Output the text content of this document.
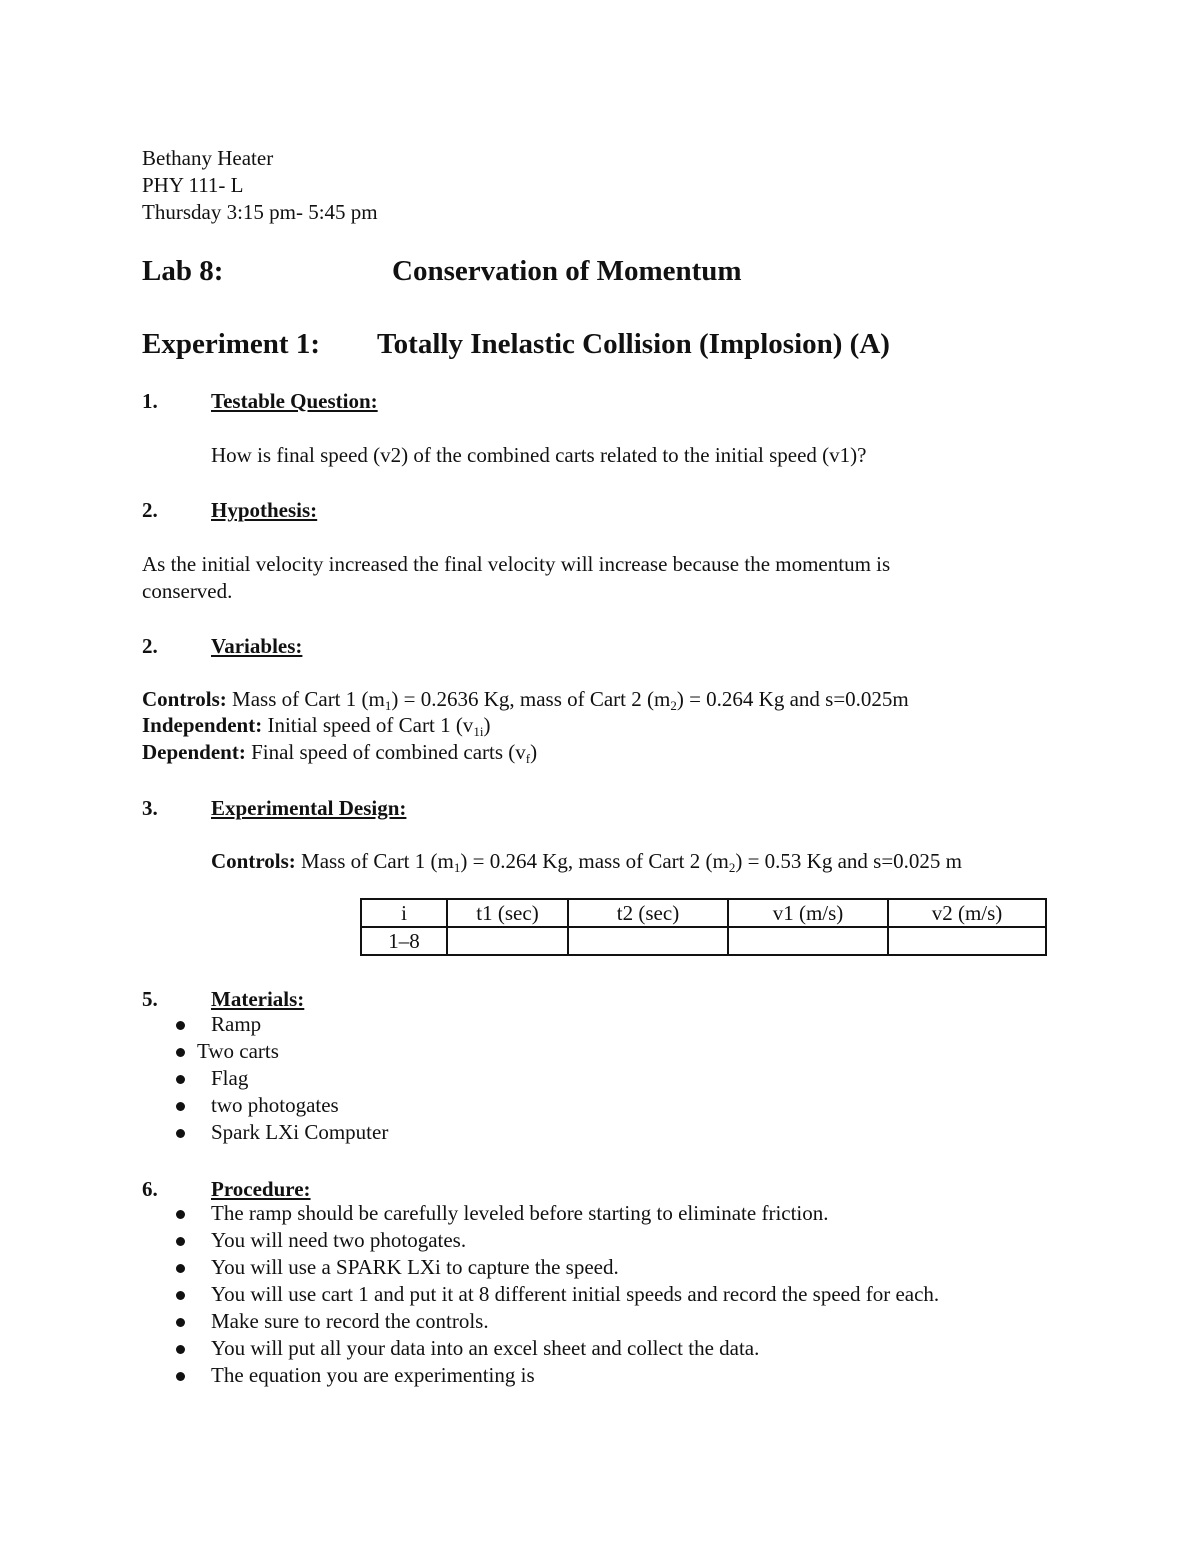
Bethany Heater
PHY 111- L
Thursday 3:15 pm- 5:45 pm
Lab 8:	Conservation of Momentum
Experiment 1: Totally Inelastic Collision (Implosion) (A)
1.	Testable Question:
How is final speed (v2) of the combined carts related to the initial speed (v1)?
2.	Hypothesis:
As the initial velocity increased the final velocity will increase because the momentum is
conserved.
2.	Variables:
Controls: Mass of Cart 1 $(m_1) = 0.2636$ Kg, mass of Cart 2 $(m_2) = 0.264$ Kg and s=0.025m
Independent: Initial speed of Cart 1 $(v_{1i})$
Dependent: Final speed of combined carts $(v_f)$
3.	Experimental Design:
Controls: Mass of Cart 1 $(m_1) = 0.264$ Kg, mass of Cart 2 $(m_2) = 0.53$ Kg and s=0.025 m
i	t1 (sec)	t2 (sec)	v1 (m/s)	v2 (m/s)
1–8				
5.	Materials:
Ramp
Two carts
Flag
two photogates
Spark LXi Computer
6.	Procedure:
The ramp should be carefully leveled before starting to eliminate friction.
You will need two photogates.
You will use a SPARK LXi to capture the speed.
You will use cart 1 and put it at 8 different initial speeds and record the speed for each.
Make sure to record the controls.
You will put all your data into an excel sheet and collect the data.
The equation you are experimenting is
